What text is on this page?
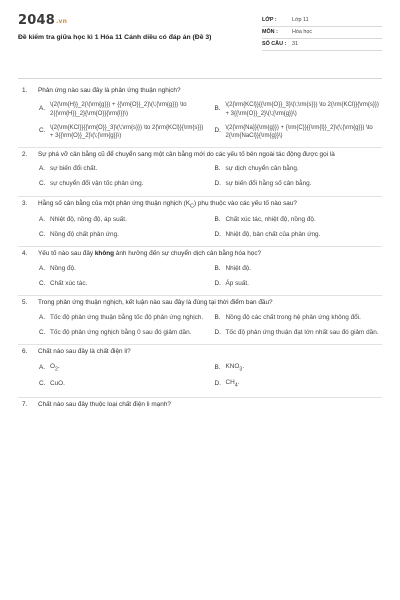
2048.vn
Đề kiểm tra giữa học kì 1 Hóa 11 Cánh diều có đáp án (Đề 3)
LỚP :	Lớp 11
MÔN :	Hóa học
SỐ CÂU :	31
1.	Phản ứng nào sau đây là phản ứng thuận nghịch?
A. \(2{\rm{H}}_2{\(\rm{g}}) + {{\rm{O}}_2}\(\;{\rm{g}}) \to 2{{\rm{H}}_2}{\rm{O}}{\rm{l}}\)
B. \(2{\rm{KCl}}{{\rm{O}}_3}\(\;\rm{s}}) \to 2{\rm{KCl}}{\rm{s}}) + 3{{\rm{O}}_2}\(\;{\rm{g}}\)
C. \(2{\rm{KCl}}{{\rm{O}}_3}\(\;\rm{s}}) \to 2{\rm{KCl}}{\rm{s}}) + 3{{\rm{O}}_2}\(\;{\rm{g}}\)
D. \(2{\rm{Na}}{\rm{g}}) + {\rm{C}}{{\rm{l}}_2}\(\;{\rm{g}}) \to 2{\rm{NaCl}}{\rm{g}}\)
2.	Sự phá vỡ cân bằng cũ để chuyển sang một cân bằng mới do các yếu tố bên ngoài tác động được gọi là
A. sự biến đổi chất.	B. sự dịch chuyển cân bằng.
C. sự chuyển đổi vận tốc phản ứng.	D. sự biến đổi hằng số cân bằng.
3.	Hằng số cân bằng của một phản ứng thuận nghịch $(K_C)$ phụ thuộc vào các yếu tố nào sau?
A. Nhiệt độ, nồng độ, áp suất.	B. Chất xúc tác, nhiệt độ, nồng độ.
C. Nồng độ chất phản ứng.	D. Nhiệt độ, bản chất của phản ứng.
4.	Yếu tố nào sau đây không ảnh hưởng đến sự chuyển dịch cân bằng hóa học?
A. Nồng độ.	B. Nhiệt độ.
C. Chất xúc tác.	D. Áp suất.
5.	Trong phản ứng thuận nghịch, kết luận nào sau đây là đúng tại thời điểm ban đầu?
A. Tốc độ phản ứng thuận bằng tốc độ phản ứng nghịch.	B. Nồng độ các chất trong hệ phản ứng không đổi.
C. Tốc độ phản ứng nghịch bằng 0 sau đó giảm dần.	D. Tốc độ phản ứng thuận đạt lớn nhất sau đó giảm dần.
6.	Chất nào sau đây là chất điện li?
A. $O_2$.	B. $KNO_3$.
C. CuO.	D. $CH_4$.
7.	Chất nào sau đây thuộc loại chất điện li mạnh?
